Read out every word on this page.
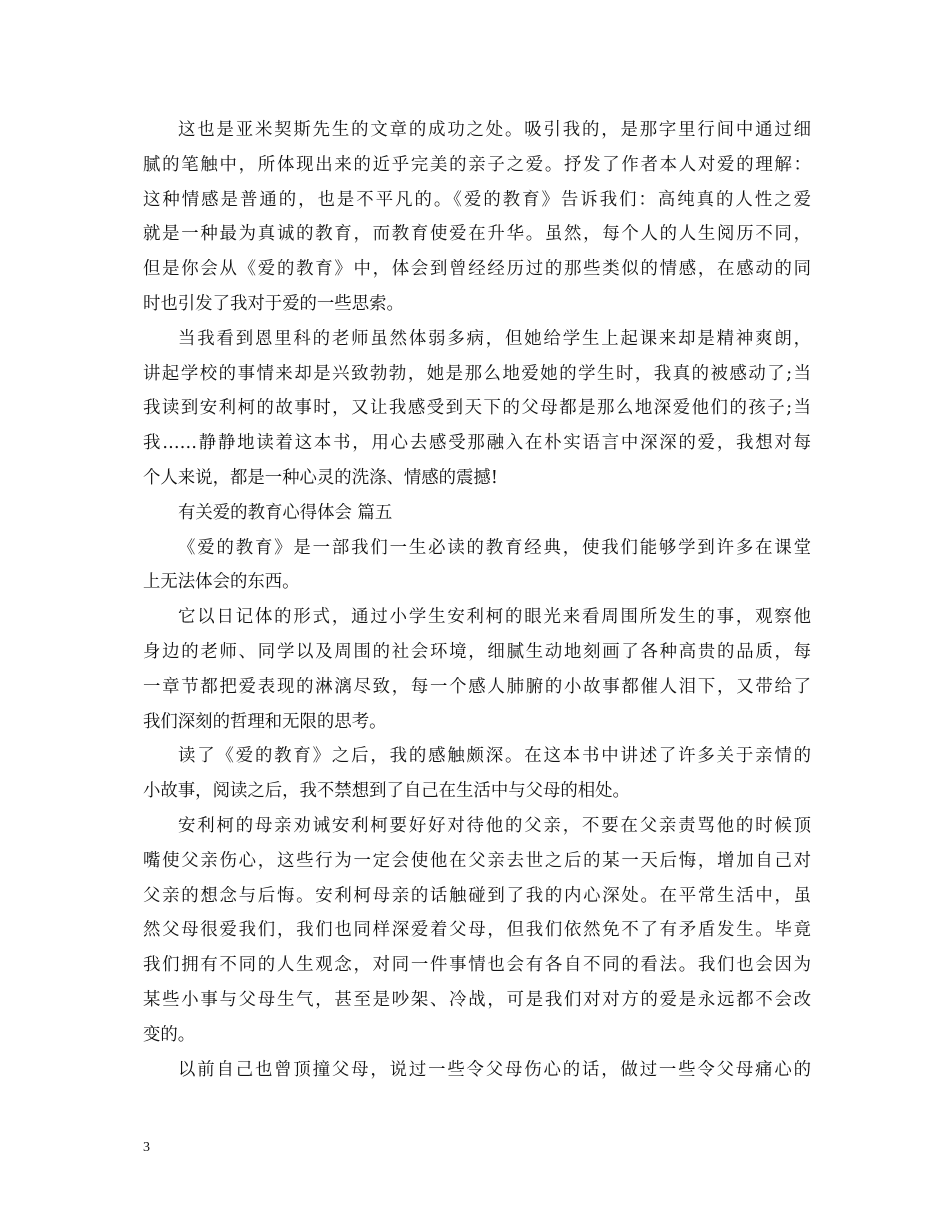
这也是亚米契斯先生的文章的成功之处。吸引我的，是那字里行间中通过细
腻的笔触中，所体现出来的近乎完美的亲子之爱。抒发了作者本人对爱的理解：
这种情感是普通的，也是不平凡的。《爱的教育》告诉我们：高纯真的人性之爱
就是一种最为真诚的教育，而教育使爱在升华。虽然，每个人的人生阅历不同，
但是你会从《爱的教育》中，体会到曾经经历过的那些类似的情感，在感动的同
时也引发了我对于爱的一些思索。
当我看到恩里科的老师虽然体弱多病，但她给学生上起课来却是精神爽朗，
讲起学校的事情来却是兴致勃勃，她是那么地爱她的学生时，我真的被感动了;当
我读到安利柯的故事时，又让我感受到天下的父母都是那么地深爱他们的孩子;当
我……静静地读着这本书，用心去感受那融入在朴实语言中深深的爱，我想对每
个人来说，都是一种心灵的洗涤、情感的震撼!
有关爱的教育心得体会 篇五
《爱的教育》是一部我们一生必读的教育经典，使我们能够学到许多在课堂
上无法体会的东西。
它以日记体的形式，通过小学生安利柯的眼光来看周围所发生的事，观察他
身边的老师、同学以及周围的社会环境，细腻生动地刻画了各种高贵的品质，每
一章节都把爱表现的淋漓尽致，每一个感人肺腑的小故事都催人泪下，又带给了
我们深刻的哲理和无限的思考。
读了《爱的教育》之后，我的感触颇深。在这本书中讲述了许多关于亲情的
小故事，阅读之后，我不禁想到了自己在生活中与父母的相处。
安利柯的母亲劝诫安利柯要好好对待他的父亲，不要在父亲责骂他的时候顶
嘴使父亲伤心，这些行为一定会使他在父亲去世之后的某一天后悔，增加自己对
父亲的想念与后悔。安利柯母亲的话触碰到了我的内心深处。在平常生活中，虽
然父母很爱我们，我们也同样深爱着父母，但我们依然免不了有矛盾发生。毕竟
我们拥有不同的人生观念，对同一件事情也会有各自不同的看法。我们也会因为
某些小事与父母生气，甚至是吵架、冷战，可是我们对对方的爱是永远都不会改
变的。
以前自己也曾顶撞父母，说过一些令父母伤心的话，做过一些令父母痛心的
3
